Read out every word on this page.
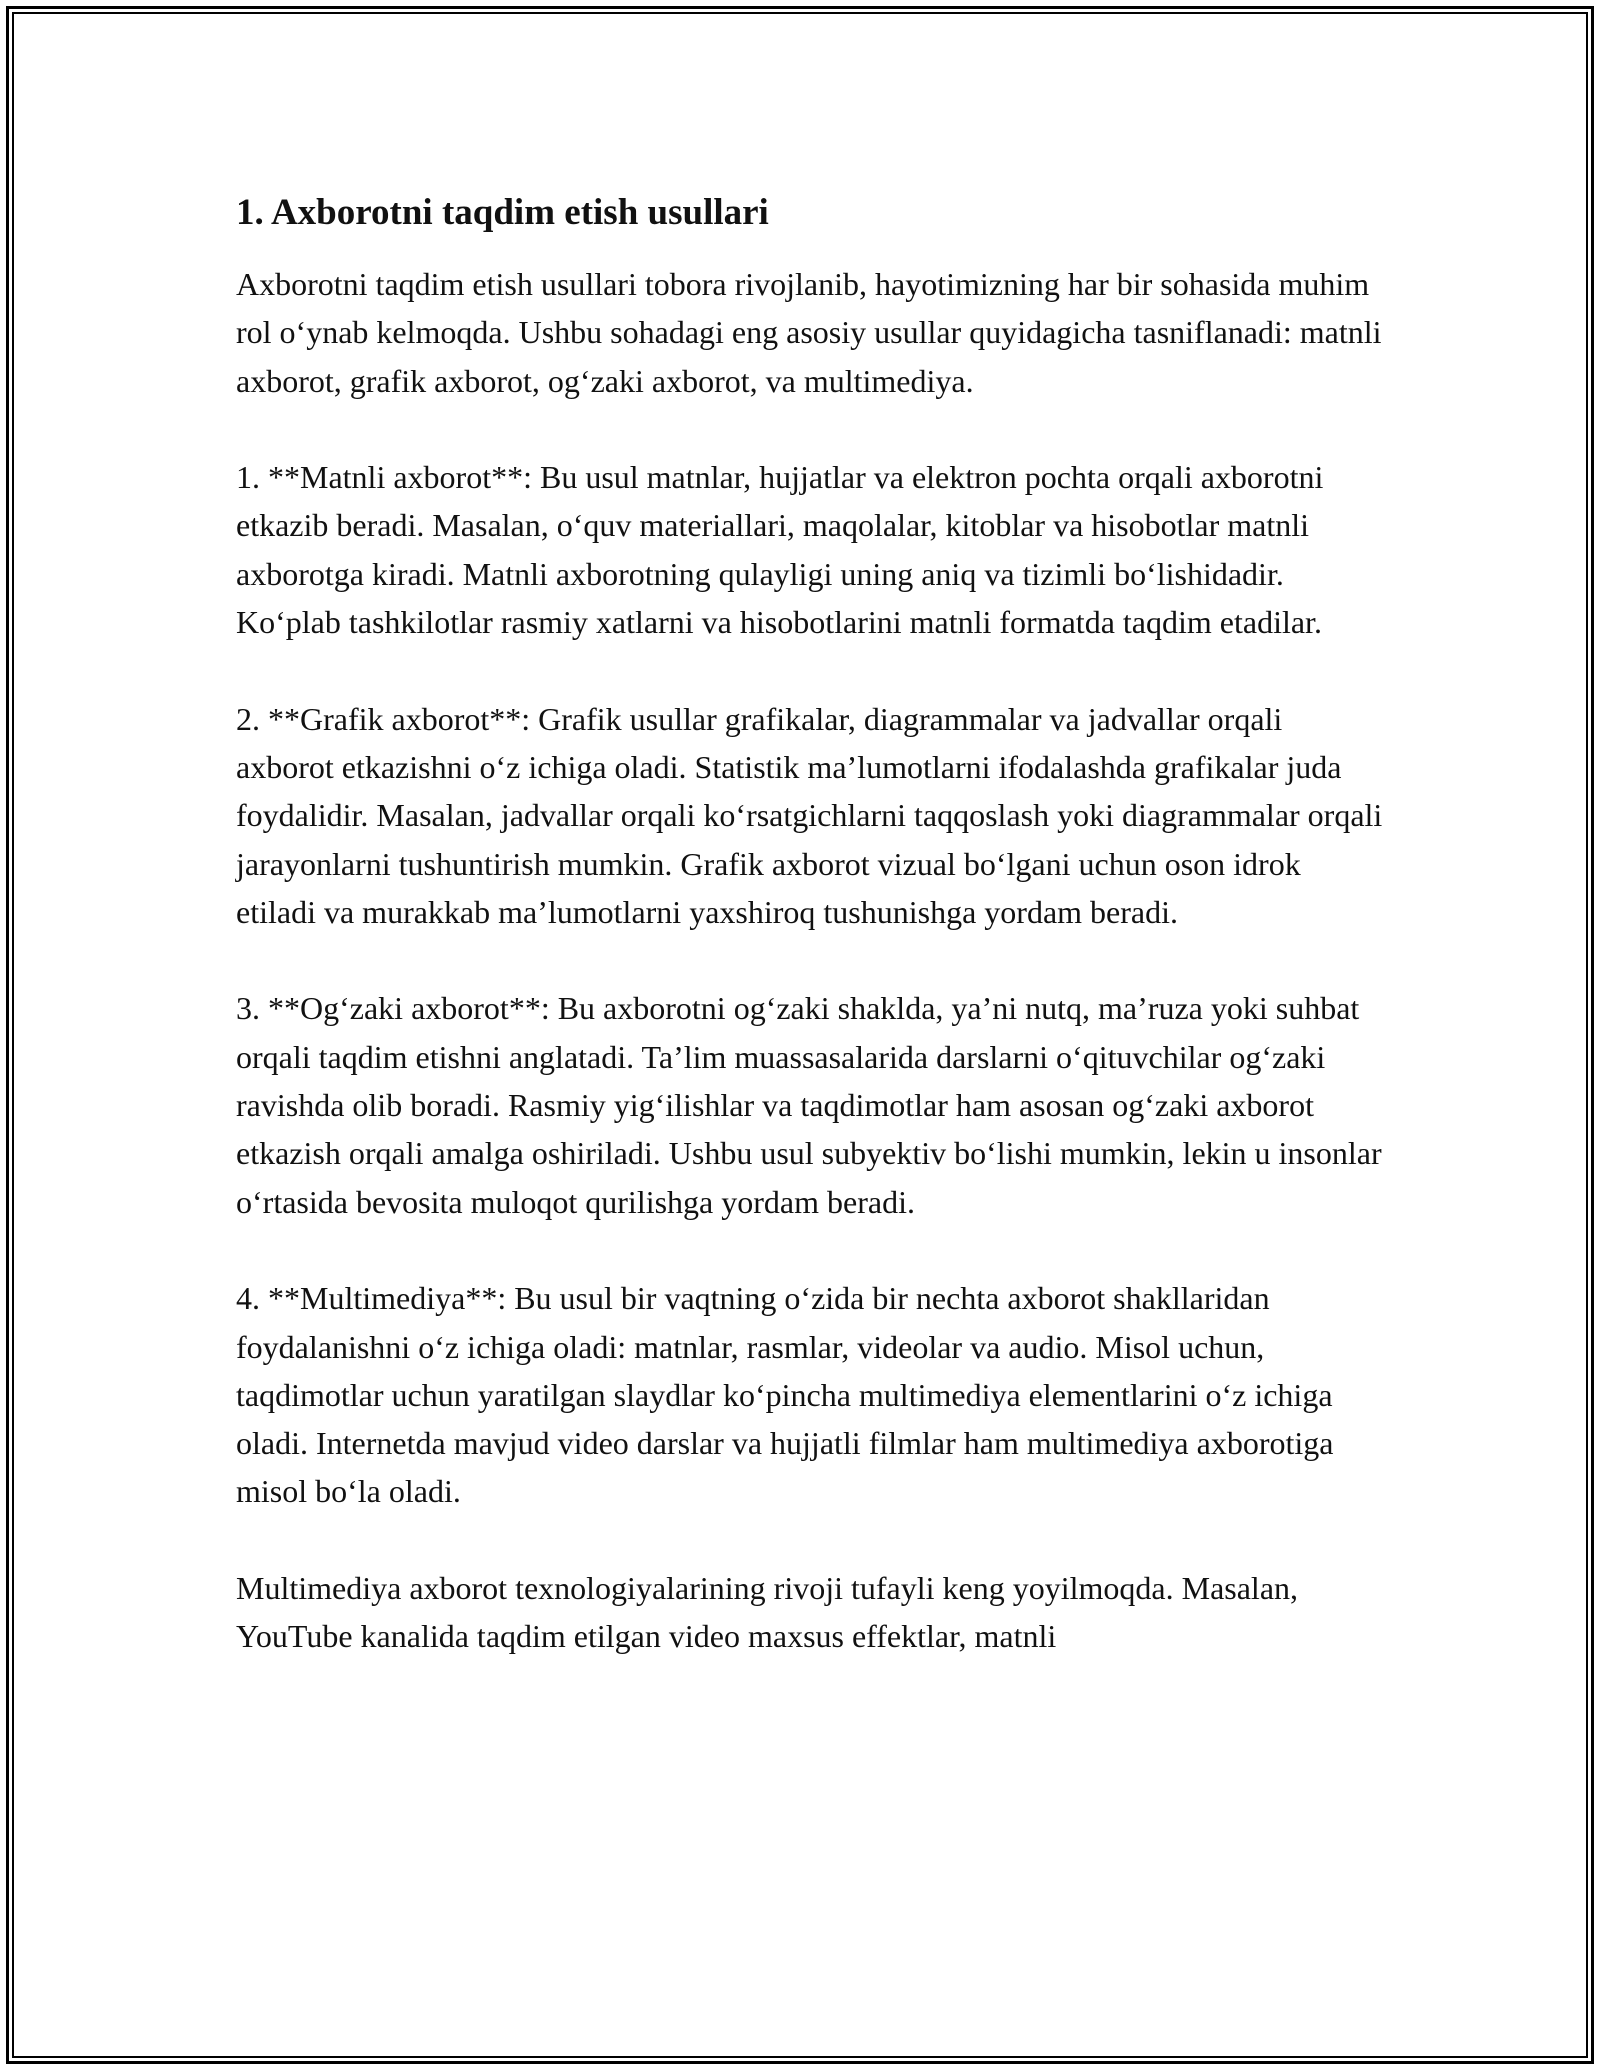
1. Axborotni taqdim etish usullari

Axborotni taqdim etish usullari tobora rivojlanib, hayotimizning har bir sohasida muhim rol o‘ynab kelmoqda. Ushbu sohadagi eng asosiy usullar quyidagicha tasniflanadi: matnli axborot, grafik axborot, og‘zaki axborot, va multimediya.

1. **Matnli axborot**: Bu usul matnlar, hujjatlar va elektron pochta orqali axborotni etkazib beradi. Masalan, o‘quv materiallari, maqolalar, kitoblar va hisobotlar matnli axborotga kiradi. Matnli axborotning qulayligi uning aniq va tizimli bo‘lishidadir. Ko‘plab tashkilotlar rasmiy xatlarni va hisobotlarini matnli formatda taqdim etadilar.

2. **Grafik axborot**: Grafik usullar grafikalar, diagrammalar va jadvallar orqali axborot etkazishni o‘z ichiga oladi. Statistik ma’lumotlarni ifodalashda grafikalar juda foydalidir. Masalan, jadvallar orqali ko‘rsatgichlarni taqqoslash yoki diagrammalar orqali jarayonlarni tushuntirish mumkin. Grafik axborot vizual bo‘lgani uchun oson idrok etiladi va murakkab ma’lumotlarni yaxshiroq tushunishga yordam beradi.

3. **Og‘zaki axborot**: Bu axborotni og‘zaki shaklda, ya’ni nutq, ma’ruza yoki suhbat orqali taqdim etishni anglatadi. Ta’lim muassasalarida darslarni o‘qituvchilar og‘zaki ravishda olib boradi. Rasmiy yig‘ilishlar va taqdimotlar ham asosan og‘zaki axborot etkazish orqali amalga oshiriladi. Ushbu usul subyektiv bo‘lishi mumkin, lekin u insonlar o‘rtasida bevosita muloqot qurilishga yordam beradi.

4. **Multimediya**: Bu usul bir vaqtning o‘zida bir nechta axborot shakllaridan foydalanishni o‘z ichiga oladi: matnlar, rasmlar, videolar va audio. Misol uchun, taqdimotlar uchun yaratilgan slaydlar ko‘pincha multimediya elementlarini o‘z ichiga oladi. Internetda mavjud video darslar va hujjatli filmlar ham multimediya axborotiga misol bo‘la oladi.

Multimediya axborot texnologiyalarining rivoji tufayli keng yoyilmoqda. Masalan, YouTube kanalida taqdim etilgan video maxsus effektlar, matnli
